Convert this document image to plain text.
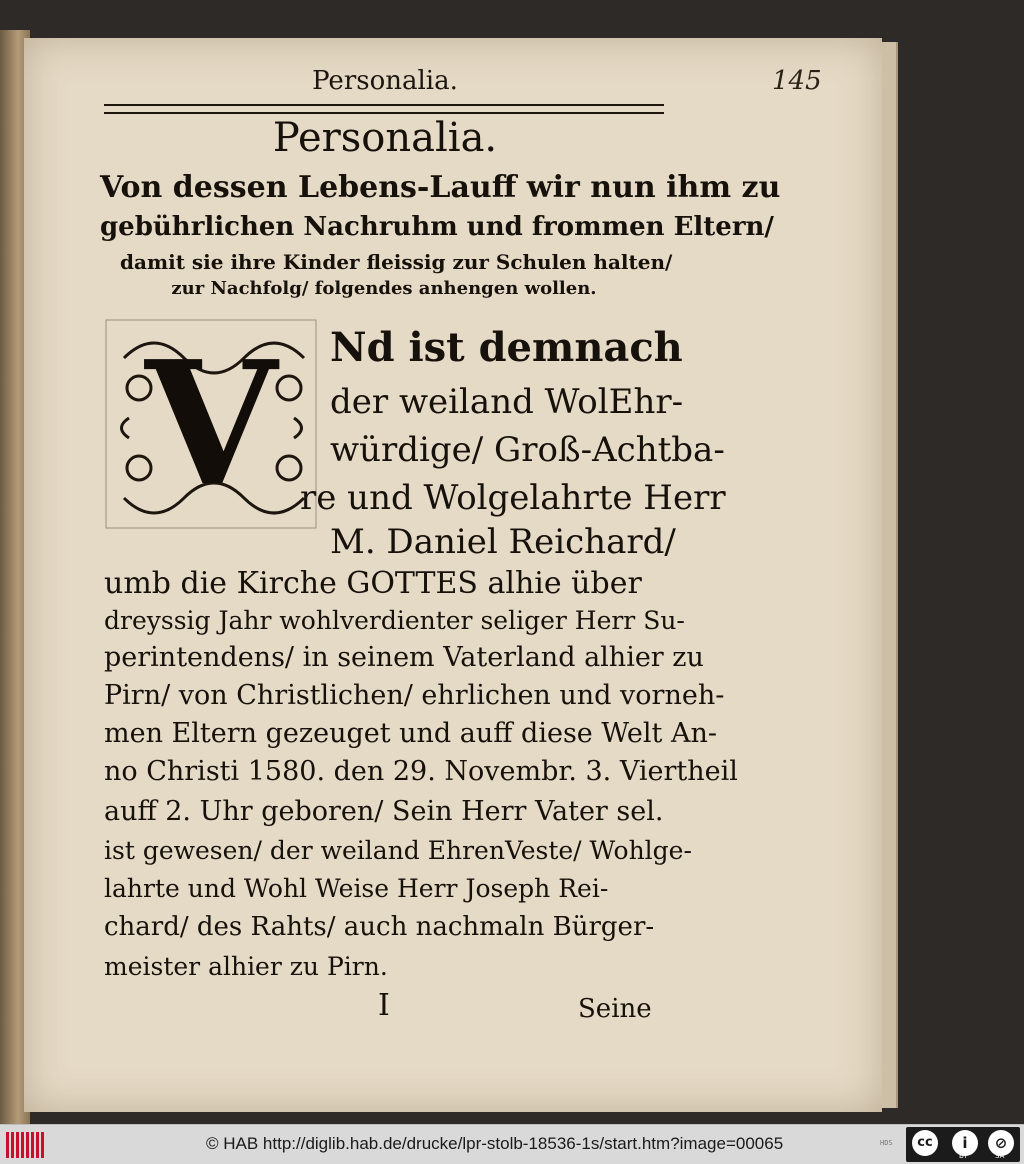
Personalia.	145
Personalia.
Von dessen Lebens-Lauff wir nun ihm zu
gebührlichen Nachruhm und frommen Eltern/
damit sie ihre Kinder fleissig zur Schulen halten/
zur Nachfolg/ folgendes anhengen wollen.
V Nd ist demnach
der weiland WolEhr-
würdige/ Groß-Achtba-
re und Wolgelahrte Herr
M. Daniel Reichard/
umb die Kirche GOTTES alhie über
dreyssig Jahr wohlverdienter seliger Herr Su-
perintendens/ in seinem Vaterland alhier zu
Pirn/ von Christlichen/ ehrlichen und vorneh-
men Eltern gezeuget und auff diese Welt An-
no Christi 1580. den 29. Novembr. 3. Viertheil
auff 2. Uhr geboren/ Sein Herr Vater sel.
ist gewesen/ der weiland EhrenVeste/ Wohlge-
lahrte und Wohl Weise Herr Joseph Rei-
chard/ des Rahts/ auch nachmaln Bürger-
meister alhier zu Pirn.
I	Seine
© HAB http://diglib.hab.de/drucke/lpr-stolb-18536-1s/start.htm?image=00065	HDS	cc	i	⊘
BY	SA
